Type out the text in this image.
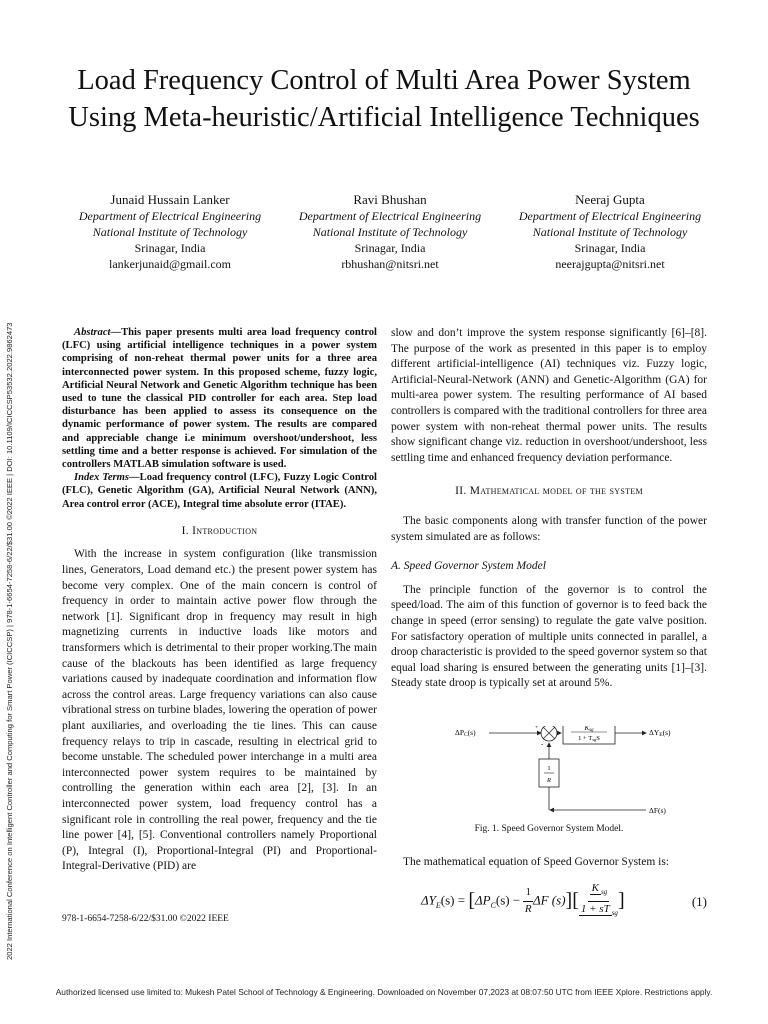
2022 International Conference on Intelligent Controller and Computing for Smart Power (ICICCSP) | 978-1-6654-7258-6/22/$31.00 ©2022 IEEE | DOI: 10.1109/ICICCSP53532.2022.9862473
Load Frequency Control of Multi Area Power System Using Meta-heuristic/Artificial Intelligence Techniques
Junaid Hussain Lanker
Department of Electrical Engineering
National Institute of Technology
Srinagar, India
lankerjunaid@gmail.com
Ravi Bhushan
Department of Electrical Engineering
National Institute of Technology
Srinagar, India
rbhushan@nitsri.net
Neeraj Gupta
Department of Electrical Engineering
National Institute of Technology
Srinagar, India
neerajgupta@nitsri.net

Abstract—This paper presents multi area load frequency control (LFC) using artificial intelligence techniques in a power system comprising of non-reheat thermal power units for a three area interconnected power system. In this proposed scheme, fuzzy logic, Artificial Neural Network and Genetic Algorithm technique has been used to tune the classical PID controller for each area. Step load disturbance has been applied to assess its consequence on the dynamic performance of power system. The results are compared and appreciable change i.e minimum overshoot/undershoot, less settling time and a better response is achieved. For simulation of the controllers MATLAB simulation software is used.

Index Terms—Load frequency control (LFC), Fuzzy Logic Control (FLC), Genetic Algorithm (GA), Artificial Neural Network (ANN), Area control error (ACE), Integral time absolute error (ITAE).

I. Introduction

With the increase in system configuration (like transmission lines, Generators, Load demand etc.) the present power system has become very complex. One of the main concern is control of frequency in order to maintain active power flow through the network [1]. Significant drop in frequency may result in high magnetizing currents in inductive loads like motors and transformers which is detrimental to their proper working.The main cause of the blackouts has been identified as large frequency variations caused by inadequate coordination and information flow across the control areas. Large frequency variations can also cause vibrational stress on turbine blades, lowering the operation of power plant auxiliaries, and overloading the tie lines. This can cause frequency relays to trip in cascade, resulting in electrical grid to become unstable. The scheduled power interchange in a multi area interconnected power system requires to be maintained by controlling the generation within each area [2], [3]. In an interconnected power system, load frequency control has a significant role in controlling the real power, frequency and the tie line power [4], [5]. Conventional controllers namely Proportional (P), Integral (I), Proportional-Integral (PI) and Proportional-Integral-Derivative (PID) are

slow and don’t improve the system response significantly [6]–[8]. The purpose of the work as presented in this paper is to employ different artificial-intelligence (AI) techniques viz. Fuzzy logic, Artificial-Neural-Network (ANN) and Genetic-Algorithm (GA) for multi-area power system. The resulting performance of AI based controllers is compared with the traditional controllers for three area power system with non-reheat thermal power units. The results show significant change viz. reduction in overshoot/undershoot, less settling time and enhanced frequency deviation performance.

II. Mathematical model of the system

The basic components along with transfer function of the power system simulated are as follows:

A. Speed Governor System Model

The principle function of the governor is to control the speed/load. The aim of this function of governor is to feed back the change in speed (error sensing) to regulate the gate valve position. For satisfactory operation of multiple units connected in parallel, a droop characteristic is provided to the speed governor system so that equal load sharing is ensured between the generating units [1]–[3]. Steady state droop is typically set at around 5%.

ΔPC(s)	+
-
Ksg
1 + TsgS
ΔYE(s)
1
R
ΔF(s)
Fig. 1. Speed Governor System Model.

The mathematical equation of Speed Governor System is:

$\Delta Y_E(s) = [\Delta P_C(s) - \frac{1}{R}$ ΔF $(s)][ \frac{K _{sg}}{1 + sT _{sg}}$ ]	(1)
978-1-6654-7258-6/22/$31.00 ©2022 IEEE
Authorized licensed use limited to: Mukesh Patel School of Technology & Engineering. Downloaded on November 07,2023 at 08:07:50 UTC from IEEE Xplore. Restrictions apply.
